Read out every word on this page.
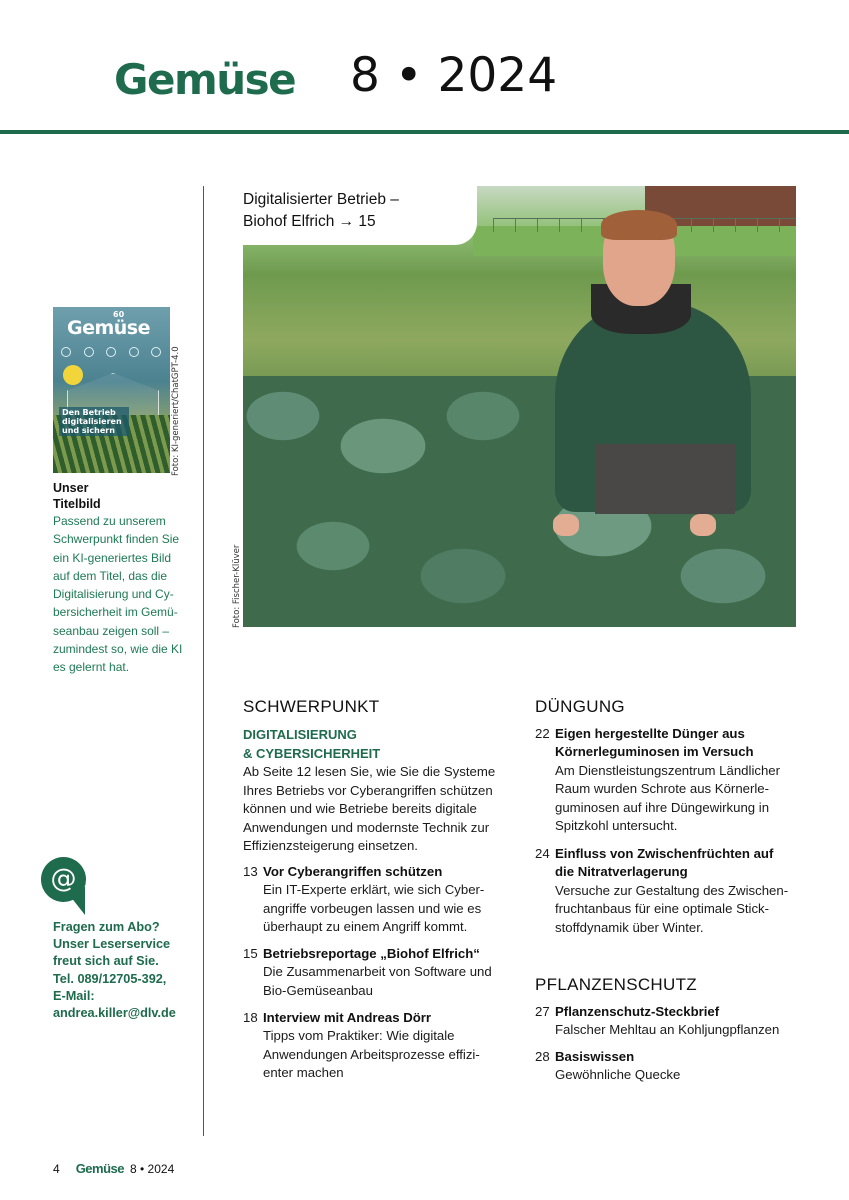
Gemüse 8 • 2024
60
Gemüse
Den Betrieb digitalisieren und sichern	Foto: KI-generiert/ChatGPT-4.0
Unser
Titelbild
Passend zu unserem
Schwerpunkt finden Sie
ein KI-generiertes Bild
auf dem Titel, das die
Digitalisierung und Cy-
bersicherheit im Gemü-
seanbau zeigen soll –
zumindest so, wie die KI
es gelernt hat.
Digitalisierter Betrieb –
Biohof Elfrich → 15
Foto: Fischer-Klüver
@
Fragen zum Abo?
Unser Leserservice
freut sich auf Sie.
Tel. 089/12705-392,
E-Mail:
andrea.killer@dlv.de
SCHWERPUNKT
DIGITALISIERUNG
& CYBERSICHERHEIT
Ab Seite 12 lesen Sie, wie Sie die Systeme
Ihres Betriebs vor Cyberangriffen schützen
können und wie Betriebe bereits digitale
Anwendungen und modernste Technik zur
Effizienzsteigerung einsetzen.
13 Vor Cyberangriffen schützen
Ein IT-Experte erklärt, wie sich Cyber-
angriffe vorbeugen lassen und wie es
überhaupt zu einem Angriff kommt.
15 Betriebsreportage „Biohof Elfrich“
Die Zusammenarbeit von Software und
Bio-Gemüseanbau
18 Interview mit Andreas Dörr
Tipps vom Praktiker: Wie digitale
Anwendungen Arbeitsprozesse effizi-
enter machen
DÜNGUNG
22 Eigen hergestellte Dünger aus
Körnerleguminosen im Versuch
Am Dienstleistungszentrum Ländlicher
Raum wurden Schrote aus Körnerle-
guminosen auf ihre Düngewirkung in
Spitzkohl untersucht.
24 Einfluss von Zwischenfrüchten auf
die Nitratverlagerung
Versuche zur Gestaltung des Zwischen-
fruchtanbaus für eine optimale Stick-
stoffdynamik über Winter.
PFLANZENSCHUTZ
27 Pflanzenschutz-Steckbrief
Falscher Mehltau an Kohljungpflanzen
28 Basiswissen
Gewöhnliche Quecke
4 Gemüse 8 • 2024
